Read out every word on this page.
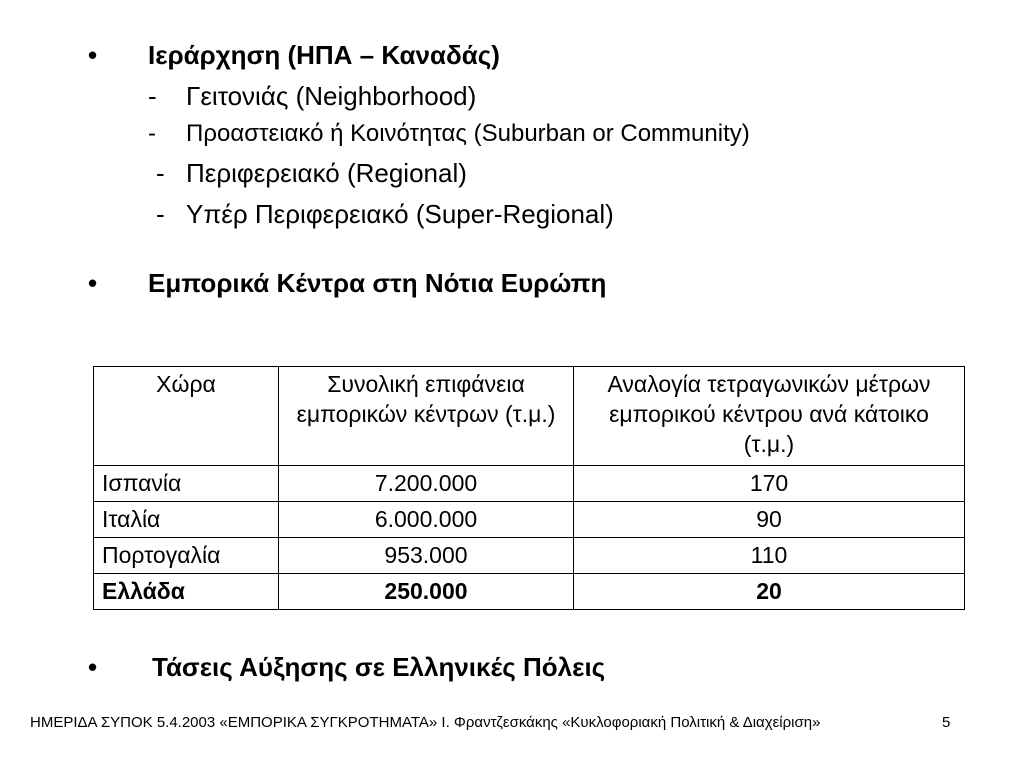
• Ιεράρχηση (ΗΠΑ – Καναδάς)
- Γειτονιάς (Neighborhood)
- Προαστειακό ή Κοινότητας (Suburban or Community)
- Περιφερειακό (Regional)
- Υπέρ Περιφερειακό (Super-Regional)
• Εμπορικά Κέντρα στη Νότια Ευρώπη
Χώρα	Συνολική επιφάνεια εμπορικών κέντρων (τ.μ.)	Αναλογία τετραγωνικών μέτρων εμπορικού κέντρου ανά κάτοικο (τ.μ.)
Ισπανία	7.200.000	170
Ιταλία	6.000.000	90
Πορτογαλία	953.000	110
Ελλάδα	250.000	20
• Τάσεις Αύξησης σε Ελληνικές Πόλεις
ΗΜΕΡΙΔΑ ΣΥΠΟΚ 5.4.2003 «ΕΜΠΟΡΙΚΑ ΣΥΓΚΡΟΤΗΜΑΤΑ» Ι. Φραντζεσκάκης «Κυκλοφοριακή Πολιτική & Διαχείριση»	5
